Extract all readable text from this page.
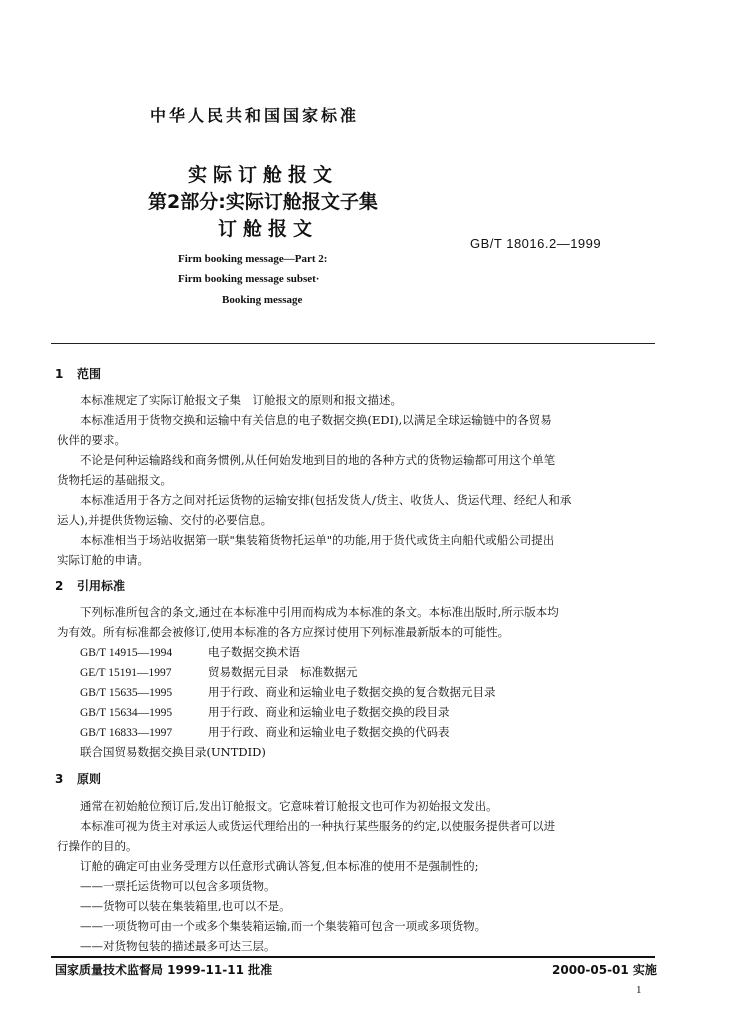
中华人民共和国国家标准
实际订舱报文
第2部分:实际订舱报文子集
订舱报文
GB/T 18016.2—1999
Firm booking message—Part 2:
Firm booking message subset·
Booking message
1 范围
本标准规定了实际订舱报文子集　订舱报文的原则和报文描述。
本标准适用于货物交换和运输中有关信息的电子数据交换(EDI),以满足全球运输链中的各贸易
伙伴的要求。
不论是何种运输路线和商务惯例,从任何始发地到目的地的各种方式的货物运输都可用这个单笔
货物托运的基础报文。
本标准适用于各方之间对托运货物的运输安排(包括发货人/货主、收货人、货运代理、经纪人和承
运人),并提供货物运输、交付的必要信息。
本标准相当于场站收据第一联"集装箱货物托运单"的功能,用于货代或货主向船代或船公司提出
实际订舱的申请。
2 引用标准
下列标准所包含的条文,通过在本标准中引用而构成为本标准的条文。本标准出版时,所示版本均
为有效。所有标准都会被修订,使用本标准的各方应探讨使用下列标准最新版本的可能性。
GB/T 14915—1994	电子数据交换术语
GE/T 15191—1997	贸易数据元目录　标准数据元
GB/T 15635—1995	用于行政、商业和运输业电子数据交换的复合数据元目录
GB/T 15634—1995	用于行政、商业和运输业电子数据交换的段目录
GB/T 16833—1997	用于行政、商业和运输业电子数据交换的代码表
联合国贸易数据交换目录(UNTDID)
3 原则
通常在初始舱位预订后,发出订舱报文。它意味着订舱报文也可作为初始报文发出。
本标准可视为货主对承运人或货运代理给出的一种执行某些服务的约定,以使服务提供者可以进
行操作的目的。
订舱的确定可由业务受理方以任意形式确认答复,但本标准的使用不是强制性的;
——一票托运货物可以包含多项货物。
——货物可以装在集装箱里,也可以不是。
——一项货物可由一个或多个集装箱运输,而一个集装箱可包含一项或多项货物。
——对货物包装的描述最多可达三层。
国家质量技术监督局 1999-11-11 批准	2000-05-01 实施
1
